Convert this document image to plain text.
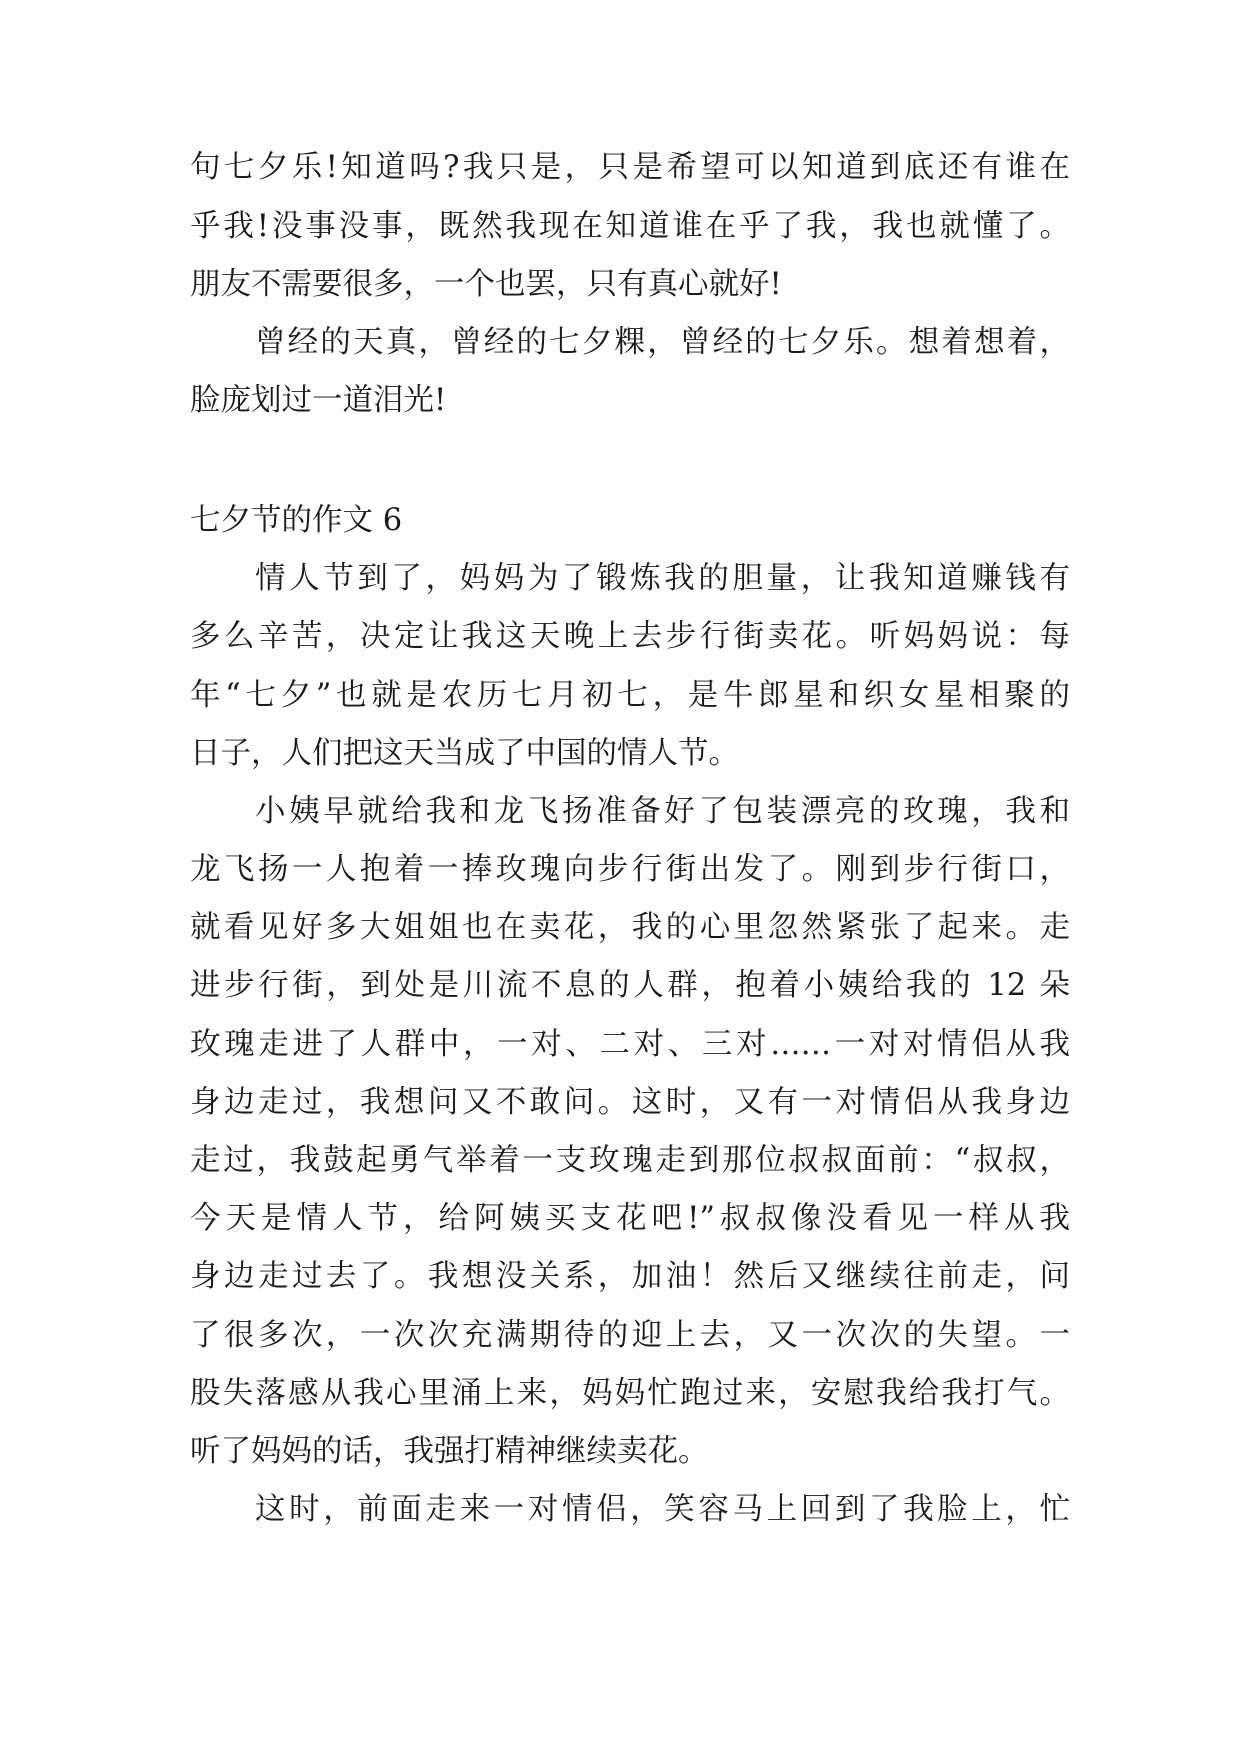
句七夕乐!知道吗?我只是，只是希望可以知道到底还有谁在
乎我!没事没事，既然我现在知道谁在乎了我，我也就懂了。
朋友不需要很多，一个也罢，只有真心就好!
曾经的天真，曾经的七夕粿，曾经的七夕乐。想着想着，
脸庞划过一道泪光!
七夕节的作文 6
情人节到了，妈妈为了锻炼我的胆量，让我知道赚钱有
多么辛苦，决定让我这天晚上去步行街卖花。听妈妈说：每
年“七夕”也就是农历七月初七，是牛郎星和织女星相聚的
日子，人们把这天当成了中国的情人节。
小姨早就给我和龙飞扬准备好了包装漂亮的玫瑰，我和
龙飞扬一人抱着一捧玫瑰向步行街出发了。刚到步行街口，
就看见好多大姐姐也在卖花，我的心里忽然紧张了起来。走
进步行街，到处是川流不息的人群，抱着小姨给我的 12 朵
玫瑰走进了人群中，一对、二对、三对……一对对情侣从我
身边走过，我想问又不敢问。这时，又有一对情侣从我身边
走过，我鼓起勇气举着一支玫瑰走到那位叔叔面前：“叔叔，
今天是情人节，给阿姨买支花吧!”叔叔像没看见一样从我
身边走过去了。我想没关系，加油！然后又继续往前走，问
了很多次，一次次充满期待的迎上去，又一次次的失望。一
股失落感从我心里涌上来，妈妈忙跑过来，安慰我给我打气。
听了妈妈的话，我强打精神继续卖花。
这时，前面走来一对情侣，笑容马上回到了我脸上，忙
